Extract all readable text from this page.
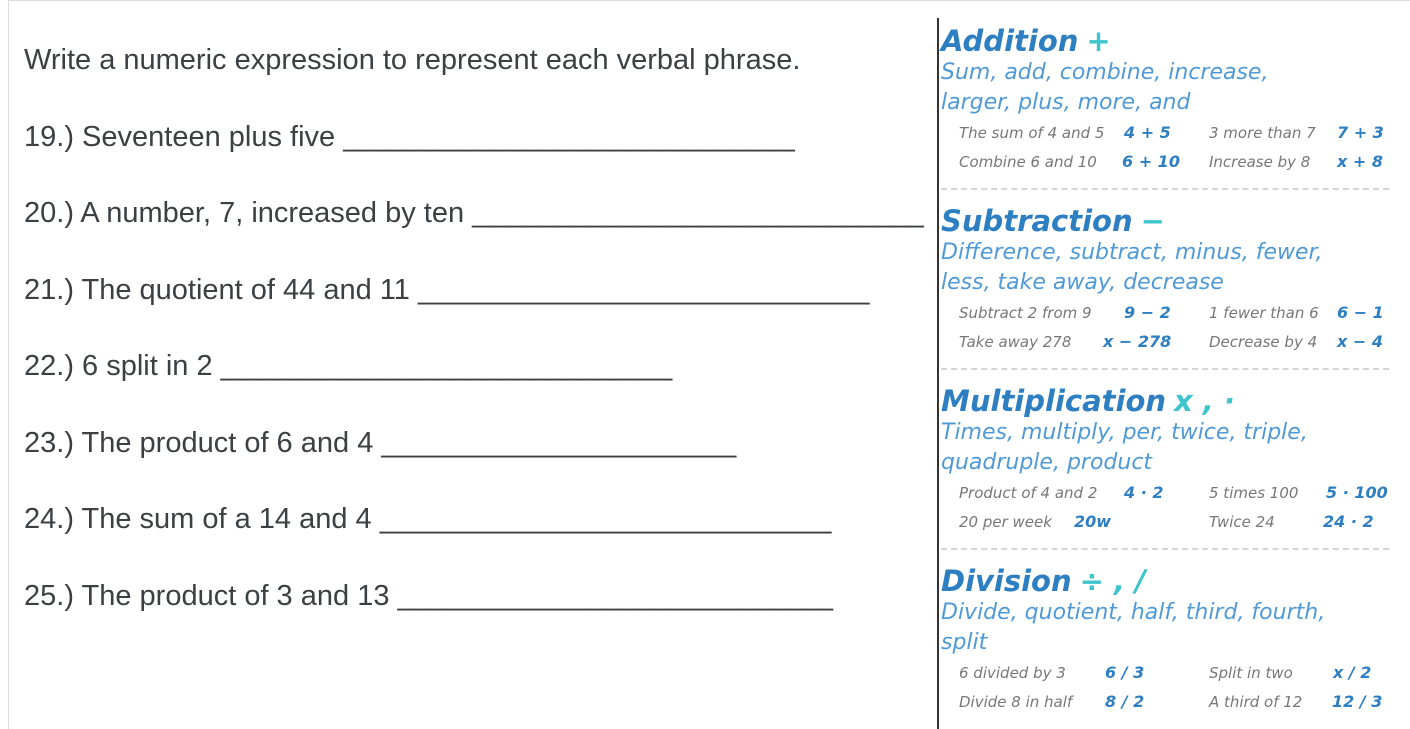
Write a numeric expression to represent each verbal phrase.
19.) Seventeen plus five ____________________________
20.) A number, 7, increased by ten ____________________________
21.) The quotient of 44 and 11 ____________________________
22.) 6 split in 2 ____________________________
23.) The product of 6 and 4 ______________________
24.) The sum of a 14 and 4 ____________________________
25.) The product of 3 and 13 ___________________________
Addition +
Sum, add, combine, increase, larger, plus, more, and
The sum of 4 and 5 4 + 5	3 more than 7 7 + 3
Combine 6 and 10 6 + 10 Increase by 8 x + 8
Subtraction −
Difference, subtract, minus, fewer, less, take away, decrease
Subtract 2 from 9 9 − 2	1 fewer than 6 6 − 1
Take away 278 x − 278	Decrease by 4 x − 4
Multiplication x , ·
Times, multiply, per, twice, triple, quadruple, product
Product of 4 and 2 4 · 2	5 times 100 5 · 100
20 per week 20w	Twice 24	24 · 2
Division ÷ , /
Divide, quotient, half, third, fourth, split
6 divided by 3 6 / 3	Split in two	x / 2
Divide 8 in half 8 / 2	A third of 12 12 / 3
